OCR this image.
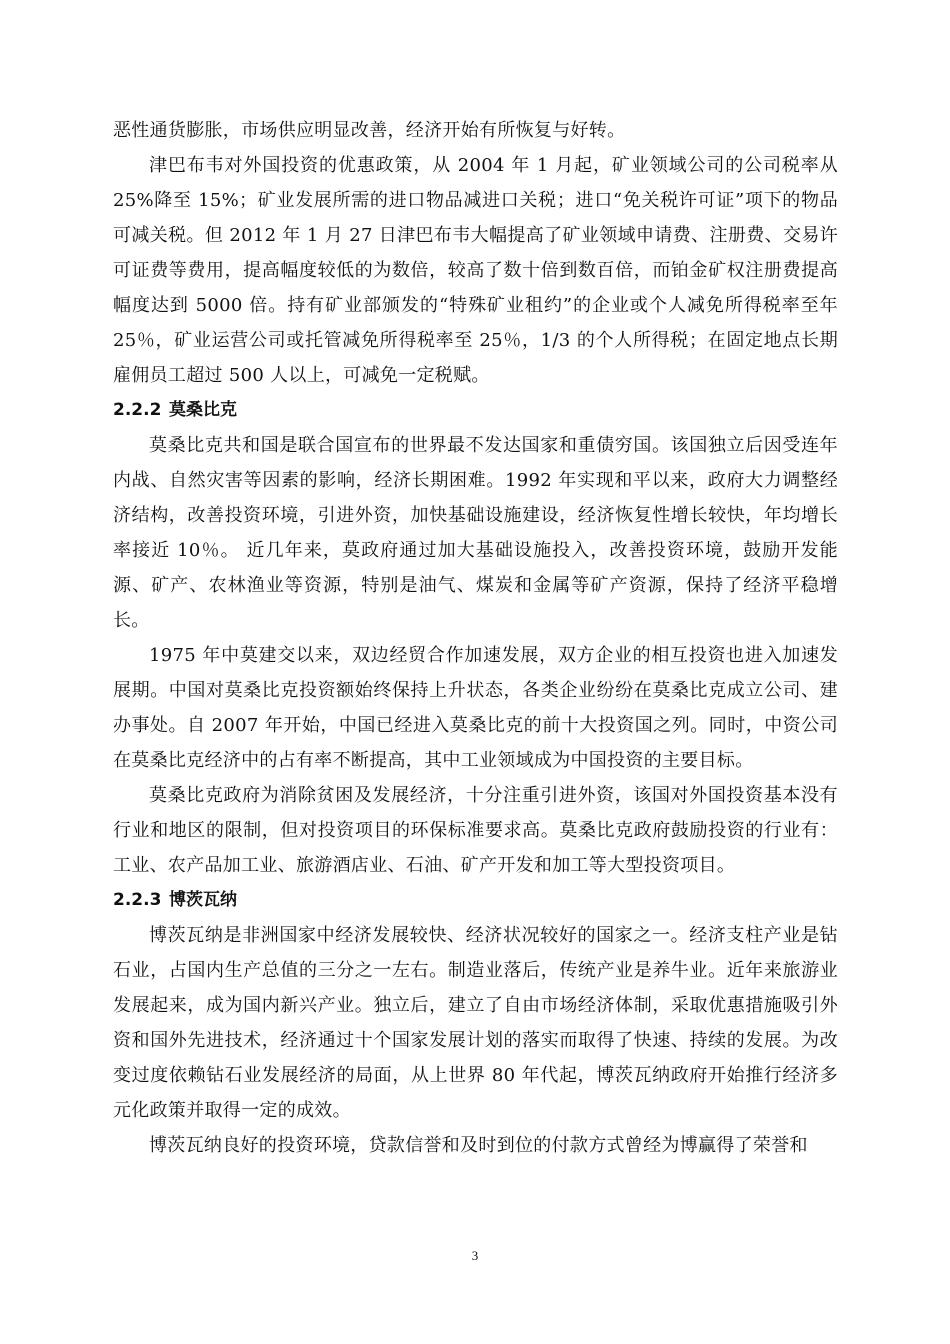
恶性通货膨胀，市场供应明显改善，经济开始有所恢复与好转。

津巴布韦对外国投资的优惠政策，从 2004 年 1 月起，矿业领域公司的公司税率从 25%降至 15%；矿业发展所需的进口物品减进口关税；进口“免关税许可证”项下的物品可减关税。但 2012 年 1 月 27 日津巴布韦大幅提高了矿业领域申请费、注册费、交易许可证费等费用，提高幅度较低的为数倍，较高了数十倍到数百倍，而铂金矿权注册费提高幅度达到 5000 倍。持有矿业部颁发的“特殊矿业租约”的企业或个人减免所得税率至年 25％，矿业运营公司或托管减免所得税率至 25％，1/3 的个人所得税；在固定地点长期雇佣员工超过 500 人以上，可减免一定税赋。

2.2.2 莫桑比克

莫桑比克共和国是联合国宣布的世界最不发达国家和重债穷国。该国独立后因受连年内战、自然灾害等因素的影响，经济长期困难。1992 年实现和平以来，政府大力调整经济结构，改善投资环境，引进外资，加快基础设施建设，经济恢复性增长较快，年均增长率接近 10％。 近几年来，莫政府通过加大基础设施投入，改善投资环境，鼓励开发能源、矿产、农林渔业等资源，特别是油气、煤炭和金属等矿产资源，保持了经济平稳增长。

1975 年中莫建交以来，双边经贸合作加速发展，双方企业的相互投资也进入加速发展期。中国对莫桑比克投资额始终保持上升状态，各类企业纷纷在莫桑比克成立公司、建办事处。自 2007 年开始，中国已经进入莫桑比克的前十大投资国之列。同时，中资公司在莫桑比克经济中的占有率不断提高，其中工业领域成为中国投资的主要目标。

莫桑比克政府为消除贫困及发展经济，十分注重引进外资，该国对外国投资基本没有行业和地区的限制，但对投资项目的环保标准要求高。莫桑比克政府鼓励投资的行业有：工业、农产品加工业、旅游酒店业、石油、矿产开发和加工等大型投资项目。

2.2.3 博茨瓦纳

博茨瓦纳是非洲国家中经济发展较快、经济状况较好的国家之一。经济支柱产业是钻石业，占国内生产总值的三分之一左右。制造业落后，传统产业是养牛业。近年来旅游业发展起来，成为国内新兴产业。独立后，建立了自由市场经济体制，采取优惠措施吸引外资和国外先进技术，经济通过十个国家发展计划的落实而取得了快速、持续的发展。为改变过度依赖钻石业发展经济的局面，从上世界 80 年代起，博茨瓦纳政府开始推行经济多元化政策并取得一定的成效。

博茨瓦纳良好的投资环境，贷款信誉和及时到位的付款方式曾经为博赢得了荣誉和

3
